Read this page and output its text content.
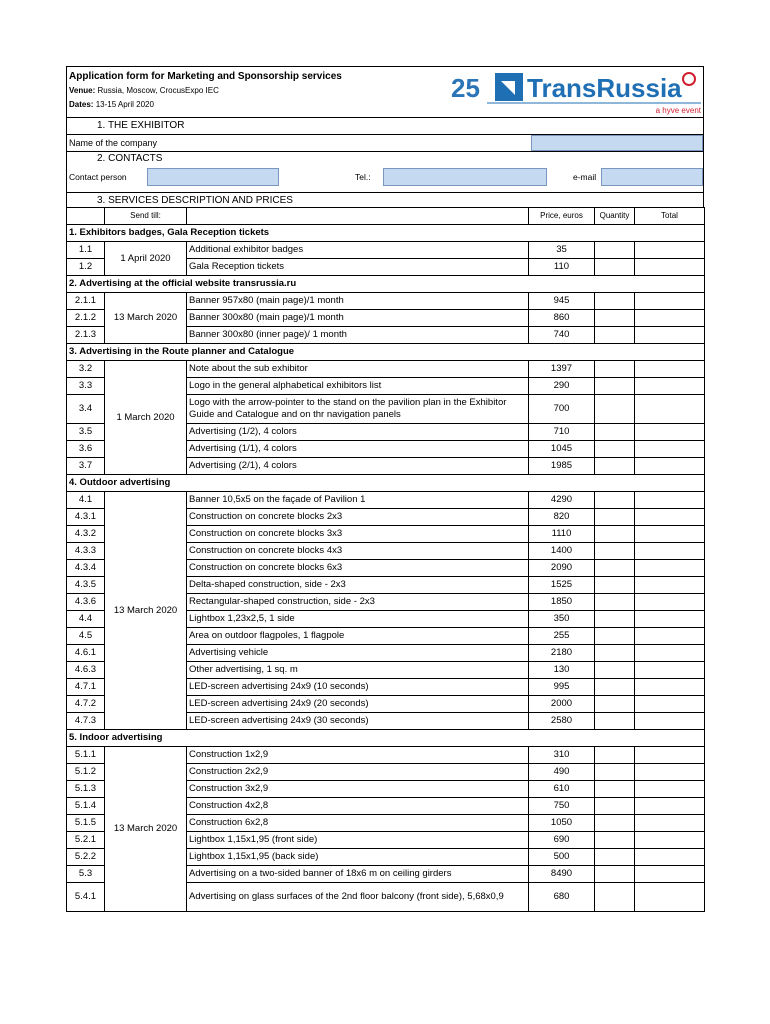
Application form for Marketing and Sponsorship services
Venue: Russia, Moscow, CrocusExpo IEC
Dates: 13-15 April 2020
25 TransRussia
a hyve event
1. THE EXHIBITOR
Name of the company
2. CONTACTS
Contact person	Tel.:	e-mail
3. SERVICES DESCRIPTION AND PRICES
	Send till:		Price, euros	Quantity	Total
1. Exhibitors badges, Gala Reception tickets					
1.1	1 April 2020	Additional exhibitor badges	35		
1.2		Gala Reception tickets	110		
2. Advertising at the official website transrussia.ru					
2.1.1	13 March 2020	Banner 957x80 (main page)/1 month	945		
2.1.2		Banner 300x80 (main page)/1 month	860		
2.1.3		Banner 300x80 (inner page)/ 1 month	740		
3. Advertising in the Route planner and Catalogue					
3.2	1 March 2020	Note about the sub exhibitor	1397		
3.3		Logo in the general alphabetical exhibitors list	290		
3.4		Logo with the arrow-pointer to the stand on the pavilion plan in the Exhibitor Guide and Catalogue and on thr navigation panels	700		
3.5		Advertising (1/2), 4 colors	710		
3.6		Advertising (1/1), 4 colors	1045		
3.7		Advertising (2/1), 4 colors	1985		
4. Outdoor advertising					
4.1	13 March 2020	Banner 10,5x5 on the façade of Pavilion 1	4290		
4.3.1		Construction on concrete blocks 2x3	820		
4.3.2		Construction on concrete blocks 3x3	1110		
4.3.3		Construction on concrete blocks 4x3	1400		
4.3.4		Construction on concrete blocks 6x3	2090		
4.3.5		Delta-shaped construction, side - 2x3	1525		
4.3.6		Rectangular-shaped construction, side - 2x3	1850		
4.4		Lightbox 1,23x2,5, 1 side	350		
4.5		Area on outdoor flagpoles, 1 flagpole	255		
4.6.1		Advertising vehicle	2180		
4.6.3		Other advertising, 1 sq. m	130		
4.7.1		LED-screen advertising 24x9 (10 seconds)	995		
4.7.2		LED-screen advertising 24x9 (20 seconds)	2000		
4.7.3		LED-screen advertising 24x9 (30 seconds)	2580		
5. Indoor advertising					
5.1.1	13 March 2020	Construction 1x2,9	310		
5.1.2		Construction 2x2,9	490		
5.1.3		Construction 3x2,9	610		
5.1.4		Construction 4x2,8	750		
5.1.5		Construction 6x2,8	1050		
5.2.1		Lightbox 1,15x1,95 (front side)	690		
5.2.2		Lightbox 1,15x1,95 (back side)	500		
5.3		Advertising on a two-sided banner of 18x6 m on ceiling girders	8490		
5.4.1		Advertising on glass surfaces of the 2nd floor balcony (front side), 5,68x0,9	680		
